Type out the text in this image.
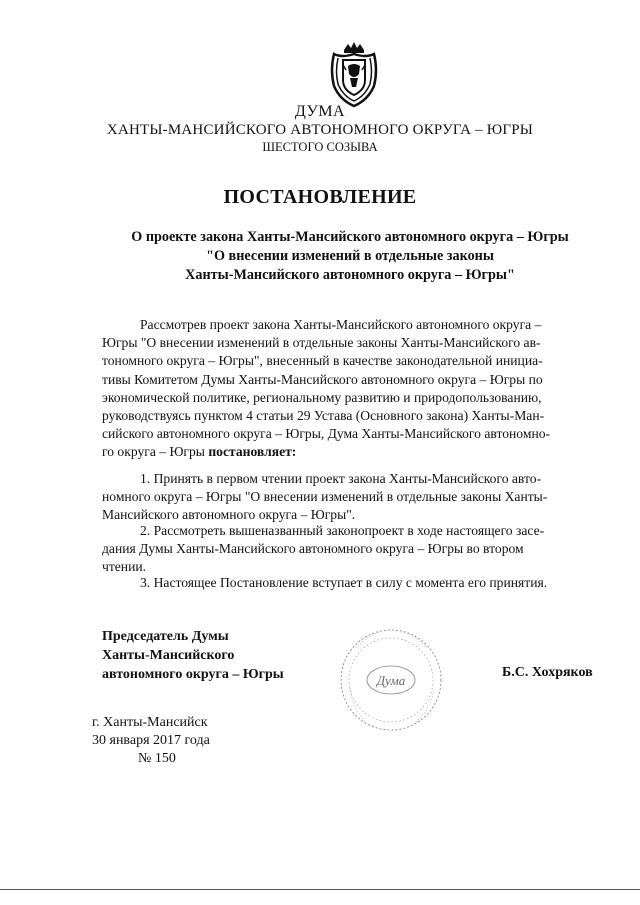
ДУМА
ХАНТЫ-МАНСИЙСКОГО АВТОНОМНОГО ОКРУГА – ЮГРЫ
ШЕСТОГО СОЗЫВА
ПОСТАНОВЛЕНИЕ
О проекте закона Ханты-Мансийского автономного округа – Югры
"О внесении изменений в отдельные законы
Ханты-Мансийского автономного округа – Югры"
Рассмотрев проект закона Ханты-Мансийского автономного округа –
Югры "О внесении изменений в отдельные законы Ханты-Мансийского ав-
тономного округа – Югры", внесенный в качестве законодательной инициа-
тивы Комитетом Думы Ханты-Мансийского автономного округа – Югры по
экономической политике, региональному развитию и природопользованию,
руководствуясь пунктом 4 статьи 29 Устава (Основного закона) Ханты-Ман-
сийского автономного округа – Югры, Дума Ханты-Мансийского автономно-
го округа – Югры постановляет:
1. Принять в первом чтении проект закона Ханты-Мансийского авто-
номного округа – Югры "О внесении изменений в отдельные законы Ханты-
Мансийского автономного округа – Югры".
2. Рассмотреть вышеназванный законопроект в ходе настоящего засе-
дания Думы Ханты-Мансийского автономного округа – Югры во втором
чтении.
3. Настоящее Постановление вступает в силу с момента его принятия.
Председатель Думы
Ханты-Мансийского
автономного округа – Югры	Дума
Б.С. Хохряков
г. Ханты-Мансийск
30 января 2017 года
№ 150
